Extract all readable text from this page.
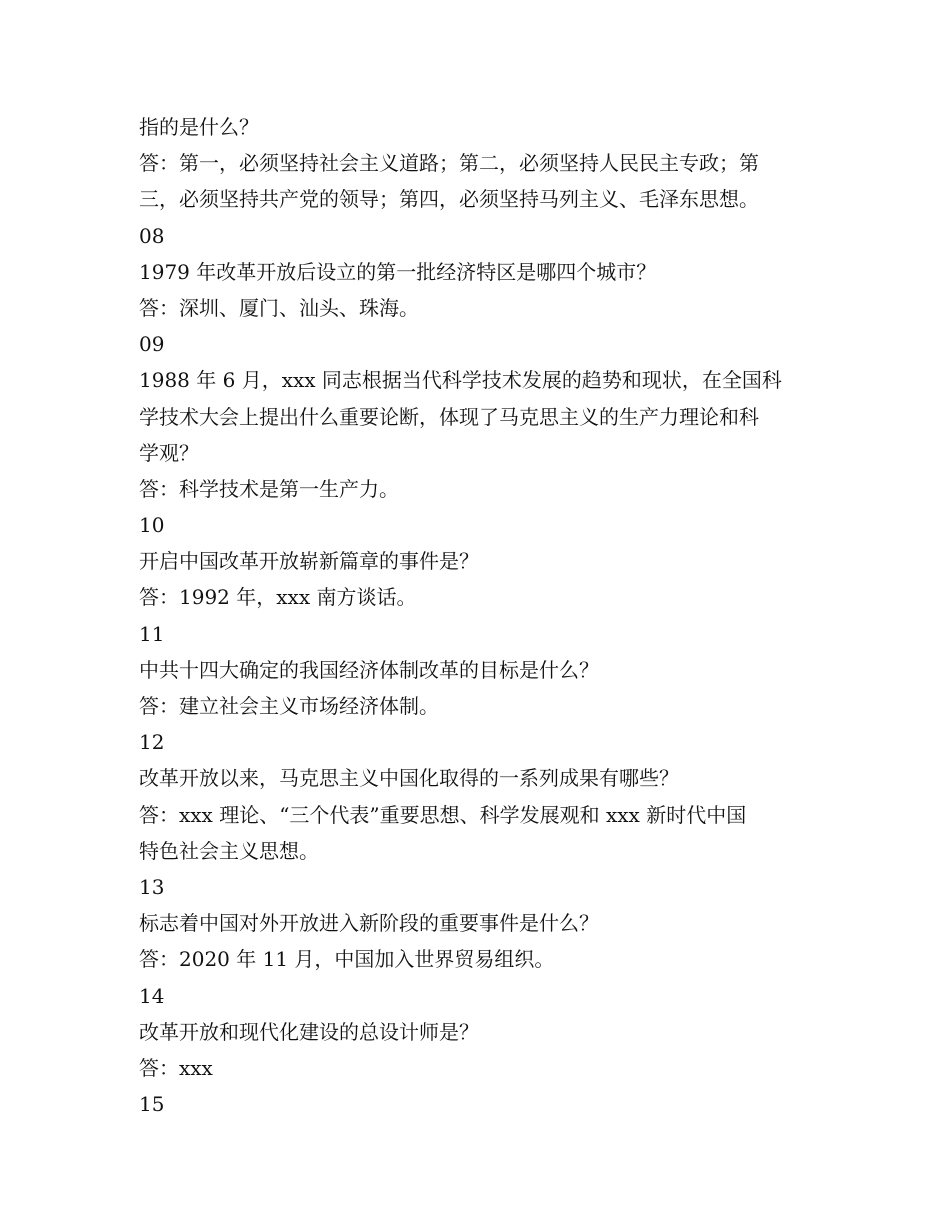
指的是什么？
答：第一，必须坚持社会主义道路；第二，必须坚持人民民主专政；第
三，必须坚持共产党的领导；第四，必须坚持马列主义、毛泽东思想。
08
1979 年改革开放后设立的第一批经济特区是哪四个城市？
答：深圳、厦门、汕头、珠海。
09
1988 年 6 月，xxx 同志根据当代科学技术发展的趋势和现状，在全国科
学技术大会上提出什么重要论断，体现了马克思主义的生产力理论和科
学观？
答：科学技术是第一生产力。
10
开启中国改革开放崭新篇章的事件是？
答：1992 年，xxx 南方谈话。
11
中共十四大确定的我国经济体制改革的目标是什么？
答：建立社会主义市场经济体制。
12
改革开放以来，马克思主义中国化取得的一系列成果有哪些？
答：xxx 理论、“三个代表”重要思想、科学发展观和 xxx 新时代中国
特色社会主义思想。
13
标志着中国对外开放进入新阶段的重要事件是什么？
答：2020 年 11 月，中国加入世界贸易组织。
14
改革开放和现代化建设的总设计师是？
答：xxx
15
